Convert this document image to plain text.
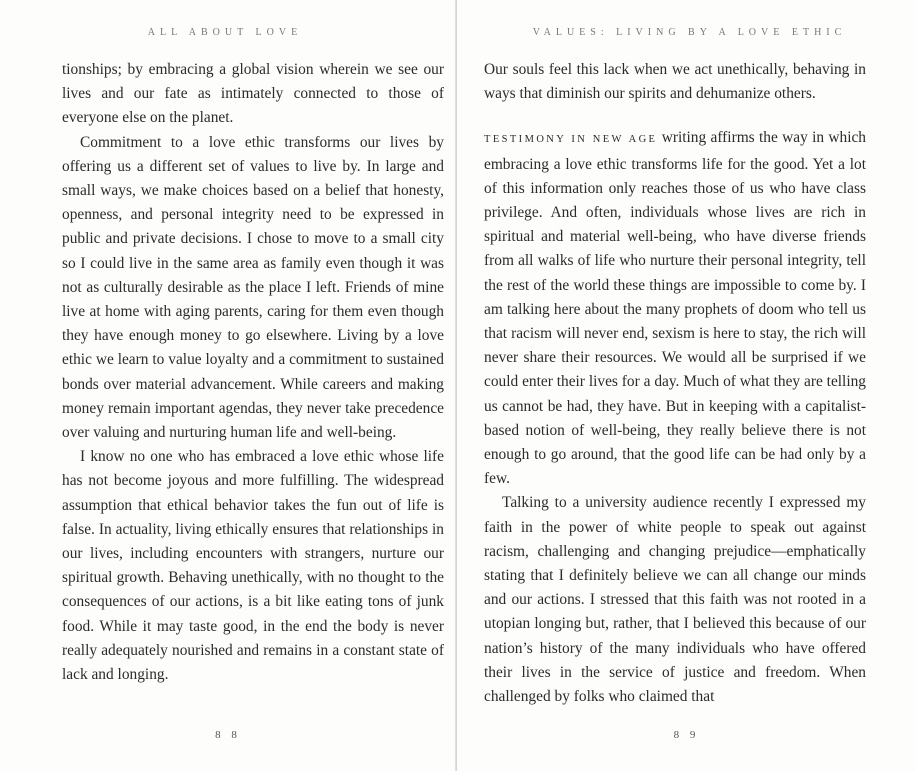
ALL ABOUT LOVE

tionships; by embracing a global vision wherein we see our lives and our fate as intimately connected to those of everyone else on the planet.

Commitment to a love ethic transforms our lives by offering us a different set of values to live by. In large and small ways, we make choices based on a belief that honesty, openness, and personal integrity need to be expressed in public and private decisions. I chose to move to a small city so I could live in the same area as family even though it was not as culturally desirable as the place I left. Friends of mine live at home with aging parents, caring for them even though they have enough money to go elsewhere. Living by a love ethic we learn to value loyalty and a commitment to sustained bonds over material advancement. While careers and making money remain important agendas, they never take precedence over valuing and nurturing human life and well-being.

I know no one who has embraced a love ethic whose life has not become joyous and more fulfilling. The widespread assumption that ethical behavior takes the fun out of life is false. In actuality, living ethically ensures that relationships in our lives, including encounters with strangers, nurture our spiritual growth. Behaving unethically, with no thought to the consequences of our actions, is a bit like eating tons of junk food. While it may taste good, in the end the body is never really adequately nourished and remains in a constant state of lack and longing.

8 8
VALUES: LIVING BY A LOVE ETHIC

Our souls feel this lack when we act unethically, behaving in ways that diminish our spirits and dehumanize others.

TESTIMONY IN NEW AGE writing affirms the way in which embracing a love ethic transforms life for the good. Yet a lot of this information only reaches those of us who have class privilege. And often, individuals whose lives are rich in spiritual and material well-being, who have diverse friends from all walks of life who nurture their personal integrity, tell the rest of the world these things are impossible to come by. I am talking here about the many prophets of doom who tell us that racism will never end, sexism is here to stay, the rich will never share their resources. We would all be surprised if we could enter their lives for a day. Much of what they are telling us cannot be had, they have. But in keeping with a capitalist-based notion of well-being, they really believe there is not enough to go around, that the good life can be had only by a few.

Talking to a university audience recently I expressed my faith in the power of white people to speak out against racism, challenging and changing prejudice—emphatically stating that I definitely believe we can all change our minds and our actions. I stressed that this faith was not rooted in a utopian longing but, rather, that I believed this because of our nation’s history of the many individuals who have offered their lives in the service of justice and freedom. When challenged by folks who claimed that

8 9
